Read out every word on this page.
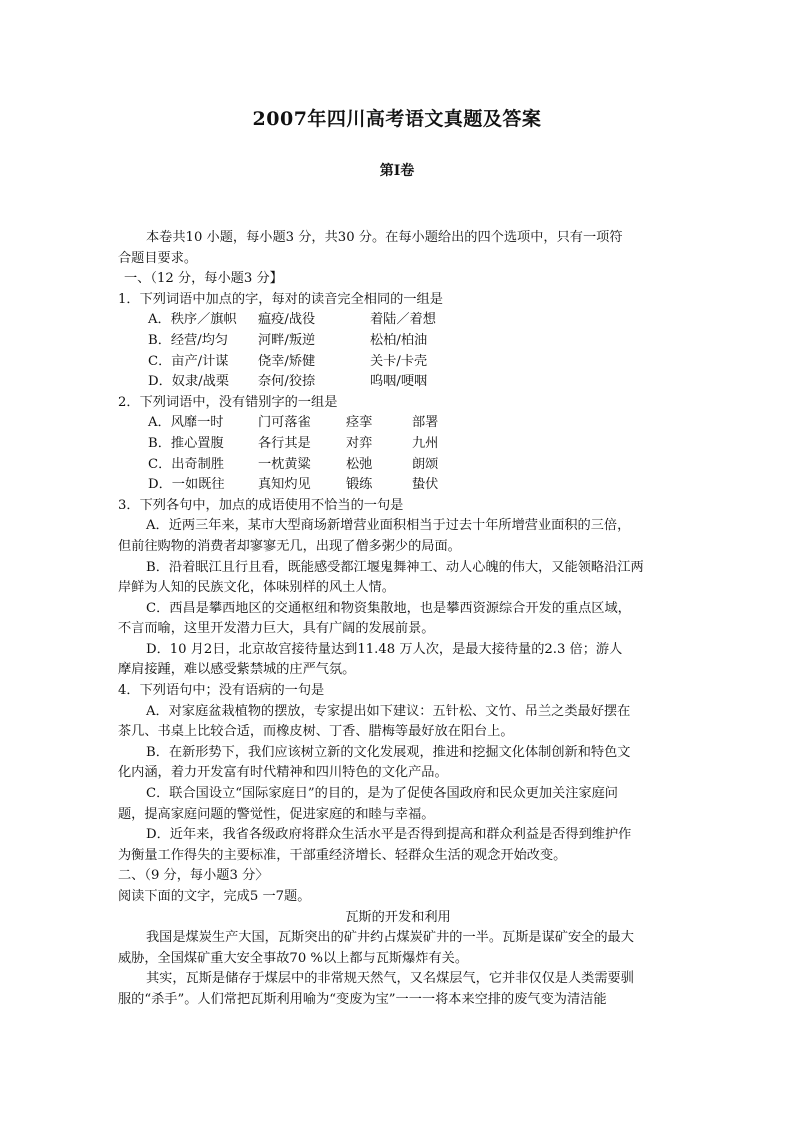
2007年四川高考语文真题及答案
第I卷
本卷共10 小题，每小题3 分，共30 分。在每小题给出的四个选项中，只有一项符
合题目要求。
一、（12 分，每小题3 分】
1．下列词语中加点的字，每对的读音完全相同的一组是
A．秩序／旗帜 瘟疫/战役	着陆／着想
B．经营/均匀 河畔/叛逆	松柏/柏油
C．亩产/计谋 侥幸/矫健	关卡/卡壳
D．奴隶/战栗 奈何/狡捺	呜咽/哽咽
2．下列词语中，没有错别字的一组是
A．风靡一时	门可落雀	痉挛	部署
B．推心置腹	各行其是	对弈	九州
C．出奇制胜	一枕黄粱	松弛	朗颂
D．一如既往	真知灼见	锻练	蛰伏
3．下列各句中，加点的成语使用不恰当的一句是
A．近两三年来，某市大型商场新增营业面积相当于过去十年所增营业面积的三倍，
但前往购物的消费者却寥寥无几，出现了僧多粥少的局面。
B．沿着眠江且行且看，既能感受都江堰鬼舞神工、动人心魄的伟大，又能领略沿江两
岸鲜为人知的民族文化，体味别样的风土人情。
C．西昌是攀西地区的交通枢纽和物资集散地，也是攀西资源综合开发的重点区域，
不言而喻，这里开发潜力巨大，具有广阔的发展前景。
D．10 月2日，北京故宫接待量达到11.48 万人次，是最大接待量的2.3 倍；游人
摩肩接踵，难以感受紫禁城的庄严气氛。
4．下列语句中；没有语病的一句是
A．对家庭盆栽植物的摆放，专家提出如下建议：五针松、文竹、吊兰之类最好摆在
茶几、书桌上比较合适，而橡皮树、丁香、腊梅等最好放在阳台上。
B．在新形势下，我们应该树立新的文化发展观，推进和挖掘文化体制创新和特色文
化内涵，着力开发富有时代精神和四川特色的文化产品。
C．联合国设立“国际家庭日”的目的，是为了促使各国政府和民众更加关注家庭问
题，提高家庭问题的警觉性，促进家庭的和睦与幸福。
D．近年来，我省各级政府将群众生活水平是否得到提高和群众利益是否得到维护作
为衡量工作得失的主要标准，干部重经济增长、轻群众生活的观念开始改变。
二、（9 分，每小题3 分〉
阅读下面的文字，完成5 一7题。
瓦斯的开发和利用
我国是煤炭生产大国，瓦斯突出的矿井约占煤炭矿井的一半。瓦斯是谋矿安全的最大
威胁，全国煤矿重大安全事故70 %以上都与瓦斯爆炸有关。
其实，瓦斯是储存于煤层中的非常规天然气，又名煤层气，它并非仅仅是人类需要驯
服的“杀手”。人们常把瓦斯利用喻为“变废为宝”一一一将本来空排的废气变为清洁能
